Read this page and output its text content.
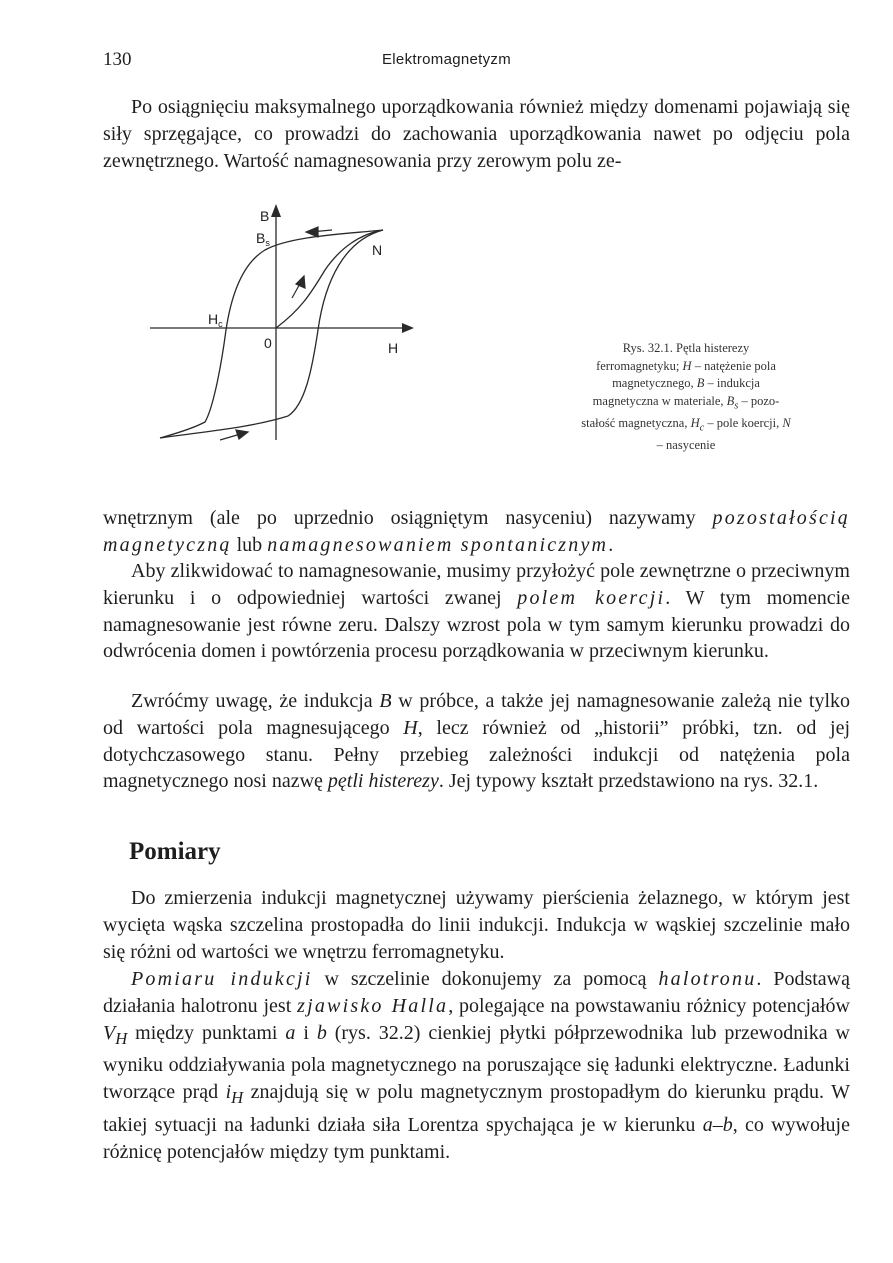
130	Elektromagnetyzm

Po osiągnięciu maksymalnego uporządkowania również między domenami pojawiają się siły sprzęgające, co prowadzi do zachowania uporządkowania nawet po odjęciu pola zewnętrznego. Wartość namagnesowania przy zerowym polu ze-

B
$B_s$	N
$H_c$
0	H	Rys. 32.1. Pętla histerezy ferromagnetyku; H – natężenie pola magnetycznego, B – indukcja magnetyczna w materiale, $B_s$ – pozostałość magnetyczna, $H_c$ – pole koercji, N – nasycenie

wnętrznym (ale po uprzednio osiągniętym nasyceniu) nazywamy pozostałością magnetyczną lub namagnesowaniem spontanicznym.

Aby zlikwidować to namagnesowanie, musimy przyłożyć pole zewnętrzne o przeciwnym kierunku i o odpowiedniej wartości zwanej polem koercji. W tym momencie namagnesowanie jest równe zeru. Dalszy wzrost pola w tym samym kierunku prowadzi do odwrócenia domen i powtórzenia procesu porządkowania w przeciwnym kierunku.

Zwróćmy uwagę, że indukcja B w próbce, a także jej namagnesowanie zależą nie tylko od wartości pola magnesującego H, lecz również od „historii” próbki, tzn. od jej dotychczasowego stanu. Pełny przebieg zależności indukcji od natężenia pola magnetycznego nosi nazwę pętli histerezy. Jej typowy kształt przedstawiono na rys. 32.1.

Pomiary

Do zmierzenia indukcji magnetycznej używamy pierścienia żelaznego, w którym jest wycięta wąska szczelina prostopadła do linii indukcji. Indukcja w wąskiej szczelinie mało się różni od wartości we wnętrzu ferromagnetyku.

Pomiaru indukcji w szczelinie dokonujemy za pomocą halotronu. Podstawą działania halotronu jest zjawisko Halla, polegające na powstawaniu różnicy potencjałów $V_H$ między punktami a i b (rys. 32.2) cienkiej płytki półprzewodnika lub przewodnika w wyniku oddziaływania pola magnetycznego na poruszające się ładunki elektryczne. Ładunki tworzące prąd $i_H$ znajdują się w polu magnetycznym prostopadłym do kierunku prądu. W takiej sytuacji na ładunki działa siła Lorentza spychająca je w kierunku a–b, co wywołuje różnicę potencjałów między tym punktami.
